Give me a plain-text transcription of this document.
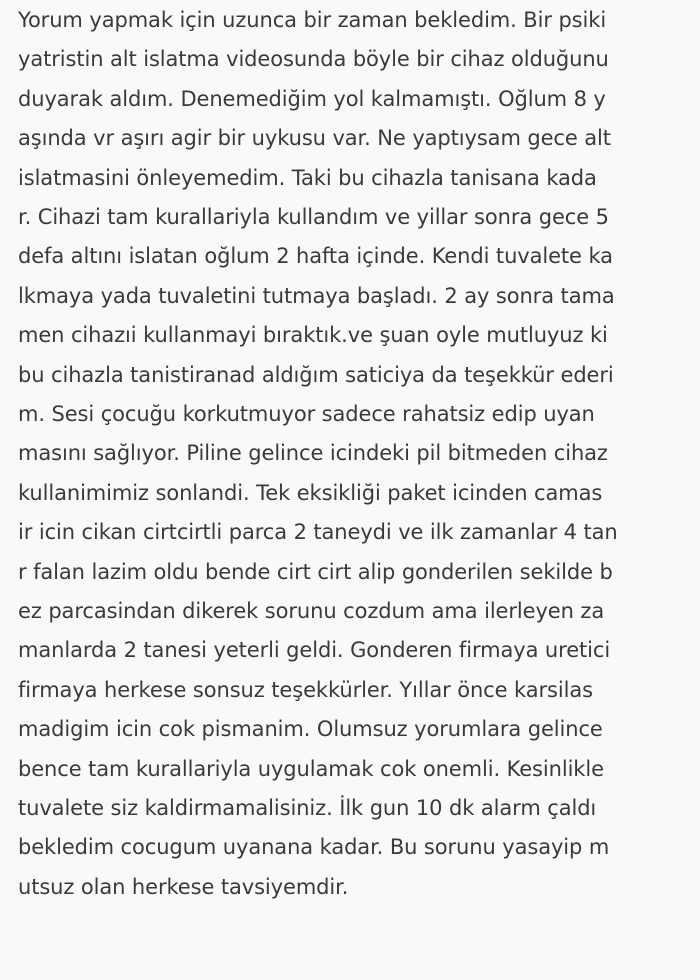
Yorum yapmak için uzunca bir zaman bekledim. Bir psiki
yatristin alt islatma videosunda böyle bir cihaz olduğunu
duyarak aldım. Denemediğim yol kalmamıştı. Oğlum 8 y
aşında vr aşırı agir bir uykusu var. Ne yaptıysam gece alt
islatmasini önleyemedim. Taki bu cihazla tanisana kada
r. Cihazi tam kurallariyla kullandım ve yillar sonra gece 5
defa altını islatan oğlum 2 hafta içinde. Kendi tuvalete ka
lkmaya yada tuvaletini tutmaya başladı. 2 ay sonra tama
men cihazıi kullanmayi bıraktık.ve şuan oyle mutluyuz ki
bu cihazla tanistiranad aldığım saticiya da teşekkür ederi
m. Sesi çocuğu korkutmuyor sadece rahatsiz edip uyan
masını sağlıyor. Piline gelince icindeki pil bitmeden cihaz
kullanimimiz sonlandi. Tek eksikliği paket icinden camas
ir icin cikan cirtcirtli parca 2 taneydi ve ilk zamanlar 4 tan
r falan lazim oldu bende cirt cirt alip gonderilen sekilde b
ez parcasindan dikerek sorunu cozdum ama ilerleyen za
manlarda 2 tanesi yeterli geldi. Gonderen firmaya uretici
firmaya herkese sonsuz teşekkürler. Yıllar önce karsilas
madigim icin cok pismanim. Olumsuz yorumlara gelince
bence tam kurallariyla uygulamak cok onemli. Kesinlikle
tuvalete siz kaldirmamalisiniz. İlk gun 10 dk alarm çaldı
bekledim cocugum uyanana kadar. Bu sorunu yasayip m
utsuz olan herkese tavsiyemdir.
